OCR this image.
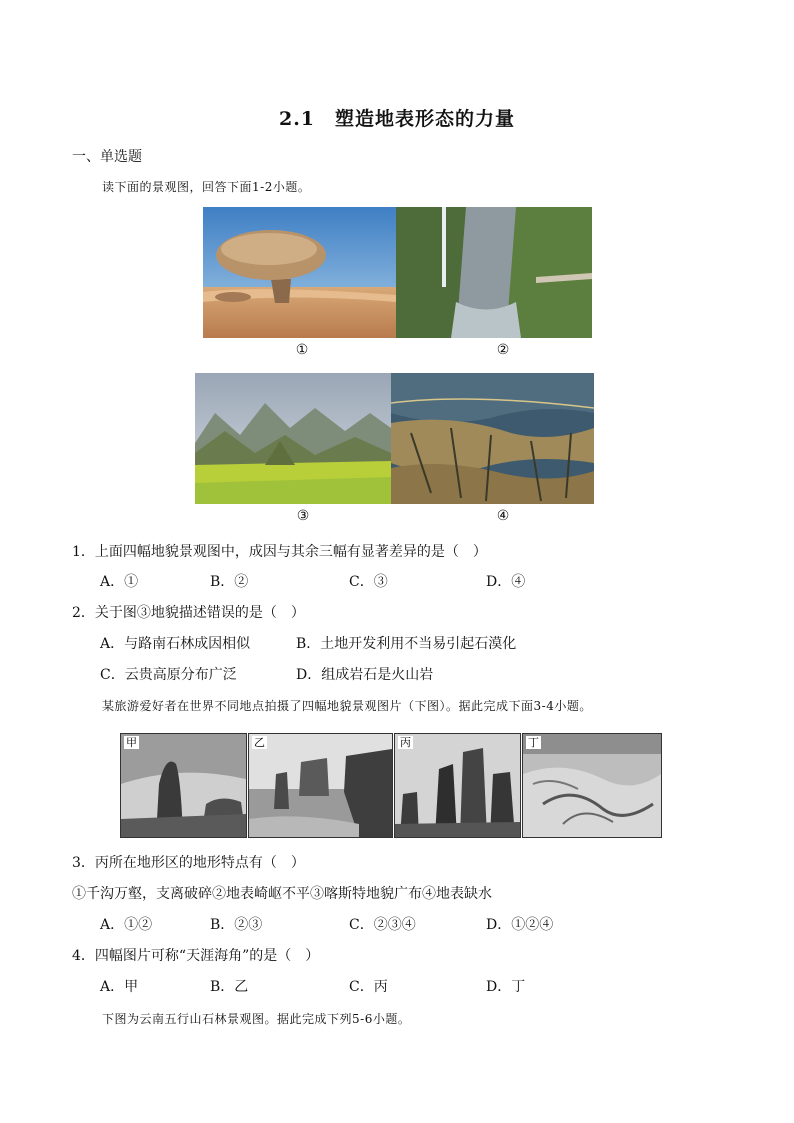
2.1　塑造地表形态的力量
一、单选题
读下面的景观图，回答下面1-2小题。
①	②
③	④
1．上面四幅地貌景观图中，成因与其余三幅有显著差异的是（　）
A．①	B．②	C．③	D．④
2．关于图③地貌描述错误的是（　）
A．与路南石林成因相似	B．土地开发利用不当易引起石漠化
C．云贵高原分布广泛	D．组成岩石是火山岩
某旅游爱好者在世界不同地点拍摄了四幅地貌景观图片（下图）。据此完成下面3-4小题。
甲	乙	丙	丁
3．丙所在地形区的地形特点有（　）
①千沟万壑，支离破碎②地表崎岖不平③喀斯特地貌广布④地表缺水
A．①②	B．②③	C．②③④	D．①②④
4．四幅图片可称“天涯海角”的是（　）
A．甲	B．乙	C．丙	D．丁
下图为云南五行山石林景观图。据此完成下列5-6小题。
